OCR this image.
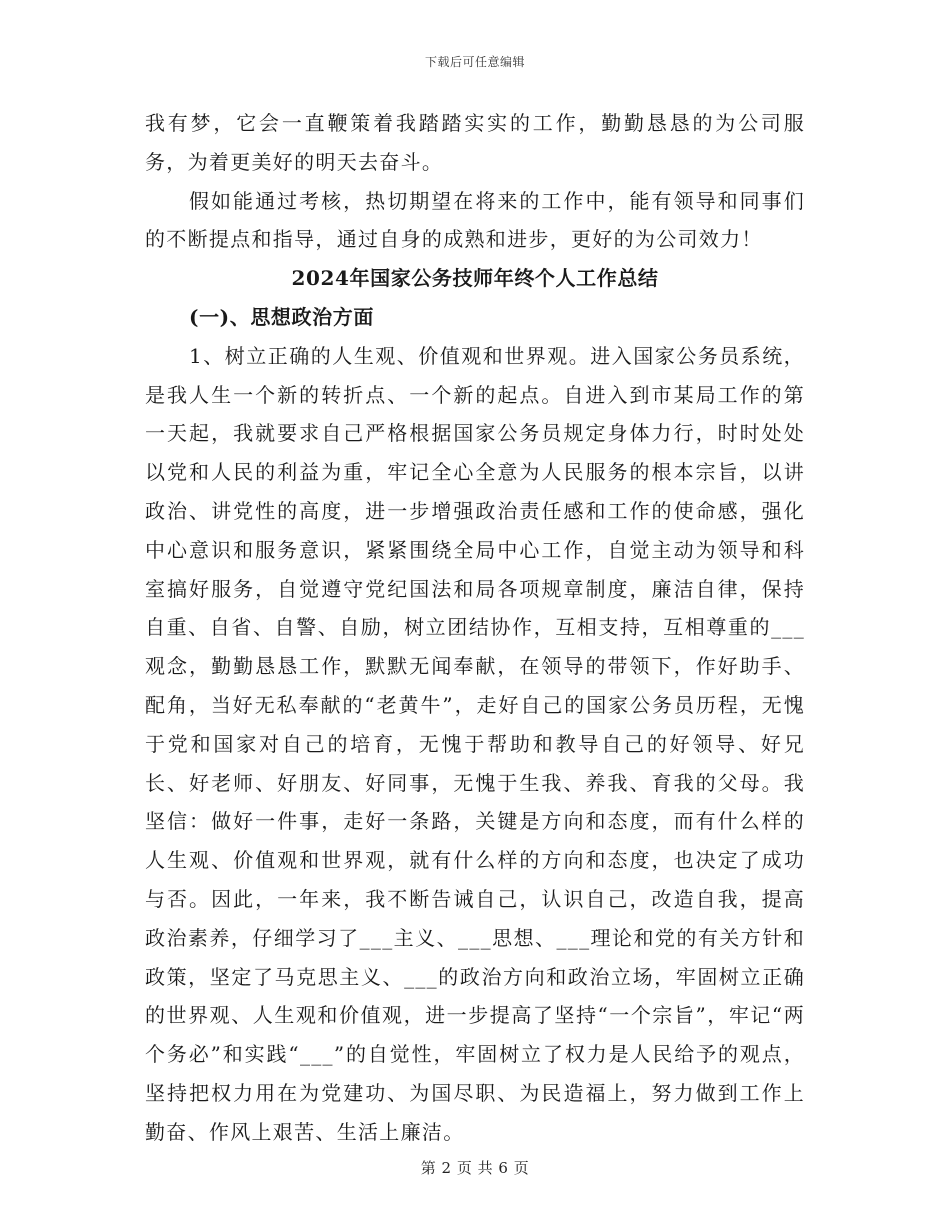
下载后可任意编辑

我有梦，它会一直鞭策着我踏踏实实的工作，勤勤恳恳的为公司服务，为着更美好的明天去奋斗。

假如能通过考核，热切期望在将来的工作中，能有领导和同事们的不断提点和指导，通过自身的成熟和进步，更好的为公司效力！

2024年国家公务技师年终个人工作总结

(一)、思想政治方面

1、树立正确的人生观、价值观和世界观。进入国家公务员系统，是我人生一个新的转折点、一个新的起点。自进入到市某局工作的第一天起，我就要求自己严格根据国家公务员规定身体力行，时时处处以党和人民的利益为重，牢记全心全意为人民服务的根本宗旨，以讲政治、讲党性的高度，进一步增强政治责任感和工作的使命感，强化中心意识和服务意识，紧紧围绕全局中心工作，自觉主动为领导和科室搞好服务，自觉遵守党纪国法和局各项规章制度，廉洁自律，保持自重、自省、自警、自励，树立团结协作，互相支持，互相尊重的___观念，勤勤恳恳工作，默默无闻奉献，在领导的带领下，作好助手、配角，当好无私奉献的“老黄牛”，走好自己的国家公务员历程，无愧于党和国家对自己的培育，无愧于帮助和教导自己的好领导、好兄长、好老师、好朋友、好同事，无愧于生我、养我、育我的父母。我坚信：做好一件事，走好一条路，关键是方向和态度，而有什么样的人生观、价值观和世界观，就有什么样的方向和态度，也决定了成功与否。因此，一年来，我不断告诫自己，认识自己，改造自我，提高政治素养，仔细学习了___主义、___思想、___理论和党的有关方针和政策，坚定了马克思主义、___的政治方向和政治立场，牢固树立正确的世界观、人生观和价值观，进一步提高了坚持“一个宗旨”，牢记“两个务必”和实践“___”的自觉性，牢固树立了权力是人民给予的观点，坚持把权力用在为党建功、为国尽职、为民造福上，努力做到工作上勤奋、作风上艰苦、生活上廉洁。

第 2 页 共 6 页
